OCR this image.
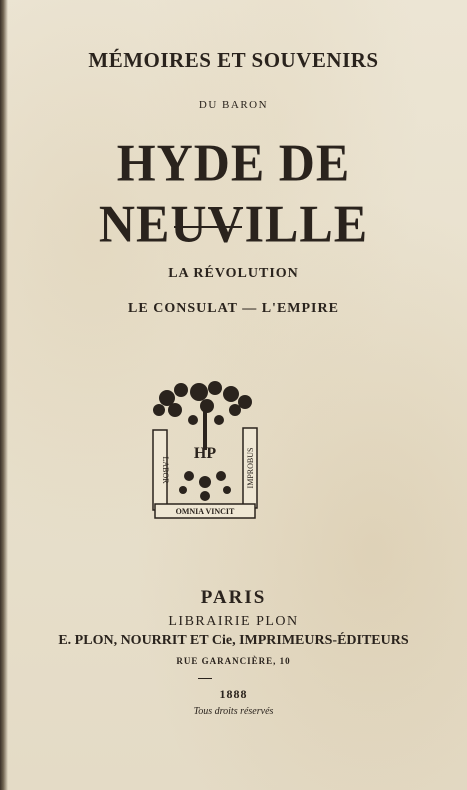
MÉMOIRES ET SOUVENIRS
DU BARON
HYDE DE NEUVILLE
LA RÉVOLUTION
LE CONSULAT — L'EMPIRE
HP
LABOR	IMPROBUS
OMNIA VINCIT
PARIS
LIBRAIRIE PLON
E. PLON, NOURRIT ET Cie, IMPRIMEURS-ÉDITEURS
RUE GARANCIÈRE, 10
1888
Tous droits réservés
